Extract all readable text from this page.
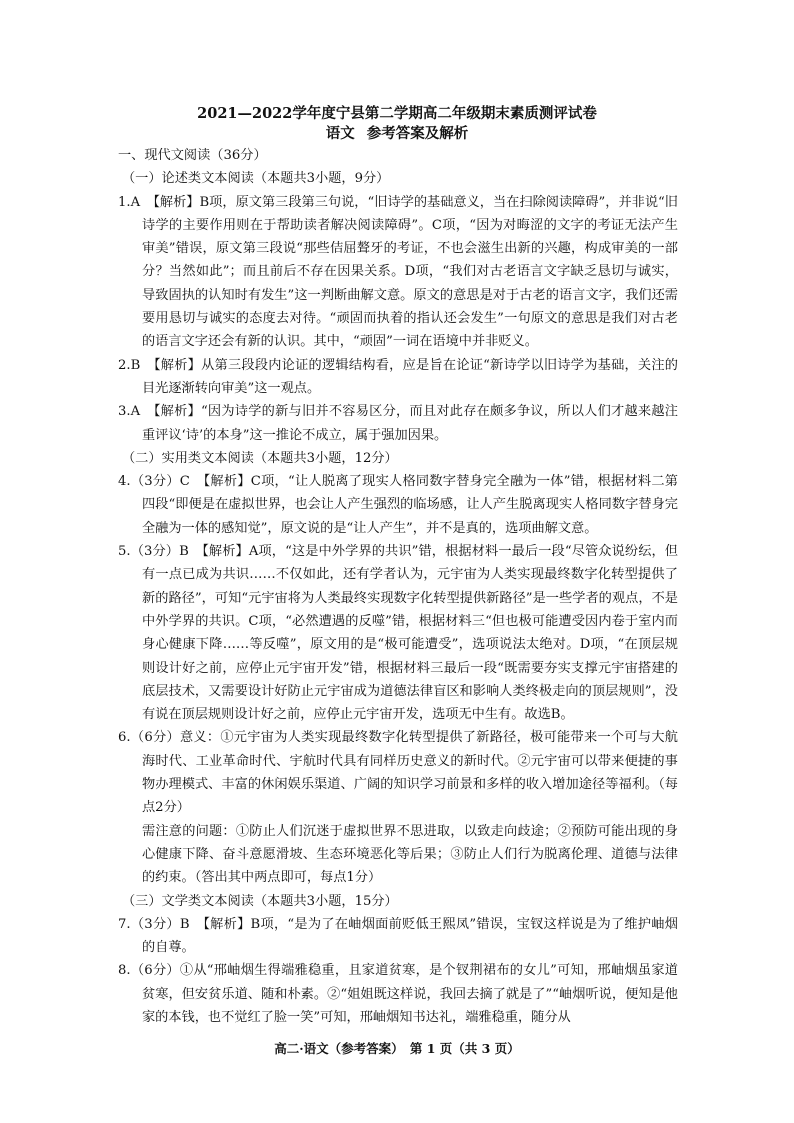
2021—2022学年度宁县第二学期高二年级期末素质测评试卷
语文 参考答案及解析

一、现代文阅读（36分）

（一）论述类文本阅读（本题共3小题，9分）

1.A　【解析】B项，原文第三段第三句说，“旧诗学的基础意义，当在扫除阅读障碍”，并非说“旧诗学的主要作用则在于帮助读者解决阅读障碍”。C项，“因为对晦涩的文字的考证无法产生审美”错误，原文第三段说“那些佶屈聱牙的考证，不也会滋生出新的兴趣，构成审美的一部分？当然如此”；而且前后不存在因果关系。D项，“我们对古老语言文字缺乏恳切与诚实，导致固执的认知时有发生”这一判断曲解文意。原文的意思是对于古老的语言文字，我们还需要用恳切与诚实的态度去对待。“顽固而执着的指认还会发生”一句原文的意思是我们对古老的语言文字还会有新的认识。其中，“顽固”一词在语境中并非贬义。

2.B　【解析】从第三段段内论证的逻辑结构看，应是旨在论证“新诗学以旧诗学为基础，关注的目光逐渐转向审美”这一观点。

3.A　【解析】“因为诗学的新与旧并不容易区分，而且对此存在颇多争议，所以人们才越来越注重评议‘诗’的本身”这一推论不成立，属于强加因果。

（二）实用类文本阅读（本题共3小题，12分）

4.（3分）C　【解析】C项，“让人脱离了现实人格同数字替身完全融为一体”错，根据材料二第四段“即便是在虚拟世界，也会让人产生强烈的临场感，让人产生脱离现实人格同数字替身完全融为一体的感知觉”，原文说的是“让人产生”，并不是真的，选项曲解文意。

5.（3分）B　【解析】A项，“这是中外学界的共识”错，根据材料一最后一段“尽管众说纷纭，但有一点已成为共识……不仅如此，还有学者认为，元宇宙为人类实现最终数字化转型提供了新的路径”，可知“元宇宙将为人类最终实现数字化转型提供新路径”是一些学者的观点，不是中外学界的共识。C项，“必然遭遇的反噬”错，根据材料三“但也极可能遭受因内卷于室内而身心健康下降……等反噬”，原文用的是“极可能遭受”，选项说法太绝对。D项，“在顶层规则设计好之前，应停止元宇宙开发”错，根据材料三最后一段“既需要夯实支撑元宇宙搭建的底层技术，又需要设计好防止元宇宙成为道德法律盲区和影响人类终极走向的顶层规则”，没有说在顶层规则设计好之前，应停止元宇宙开发，选项无中生有。故选B。

6.（6分）意义：①元宇宙为人类实现最终数字化转型提供了新路径，极可能带来一个可与大航海时代、工业革命时代、宇航时代具有同样历史意义的新时代。②元宇宙可以带来便捷的事物办理模式、丰富的休闲娱乐渠道、广阔的知识学习前景和多样的收入增加途径等福利。（每点2分）

需注意的问题：①防止人们沉迷于虚拟世界不思进取，以致走向歧途；②预防可能出现的身心健康下降、奋斗意愿滑坡、生态环境恶化等后果；③防止人们行为脱离伦理、道德与法律的约束。（答出其中两点即可，每点1分）

（三）文学类文本阅读（本题共3小题，15分）

7.（3分）B　【解析】B项，“是为了在岫烟面前贬低王熙凤”错误，宝钗这样说是为了维护岫烟的自尊。

8.（6分）①从“邢岫烟生得端雅稳重，且家道贫寒，是个钗荆裙布的女儿”可知，邢岫烟虽家道贫寒，但安贫乐道、随和朴素。②“姐姐既这样说，我回去摘了就是了”“岫烟听说，便知是他家的本钱，也不觉红了脸一笑”可知，邢岫烟知书达礼，端雅稳重，随分从

高二·语文（参考答案）　第 1 页（共 3 页）
